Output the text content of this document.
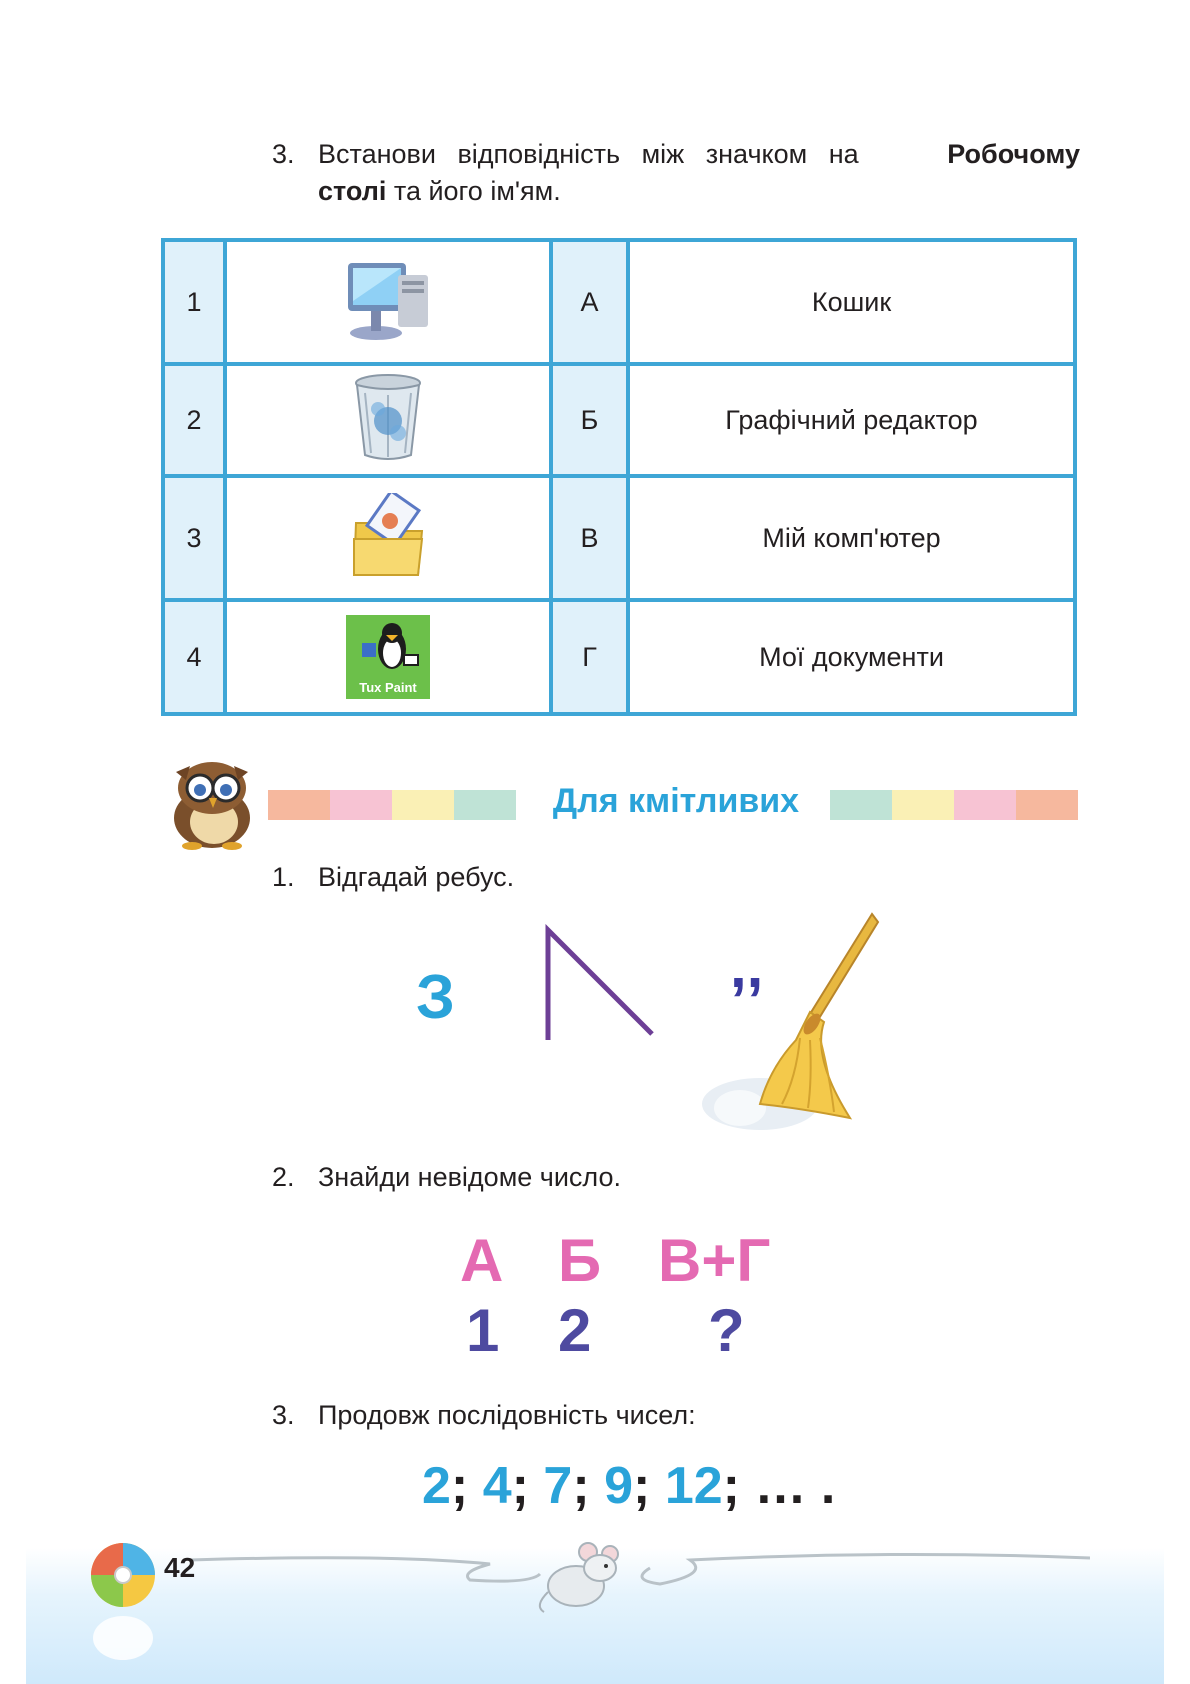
3. Встанови відповідність між значком на	Робочому

столі та його ім'ям.
1		А	Кошик
2		Б	Графічний редактор
3		В	Мій комп'ютер
4	Tux Paint	Г	Мої документи
Для кмітливих
1. Відгадай ребус.
З	,,
2. Знайди невідоме число.
А Б В+Г
1 2 ?
3. Продовж послідовність чисел:
2; 4; 7; 9; 12; … .
42
